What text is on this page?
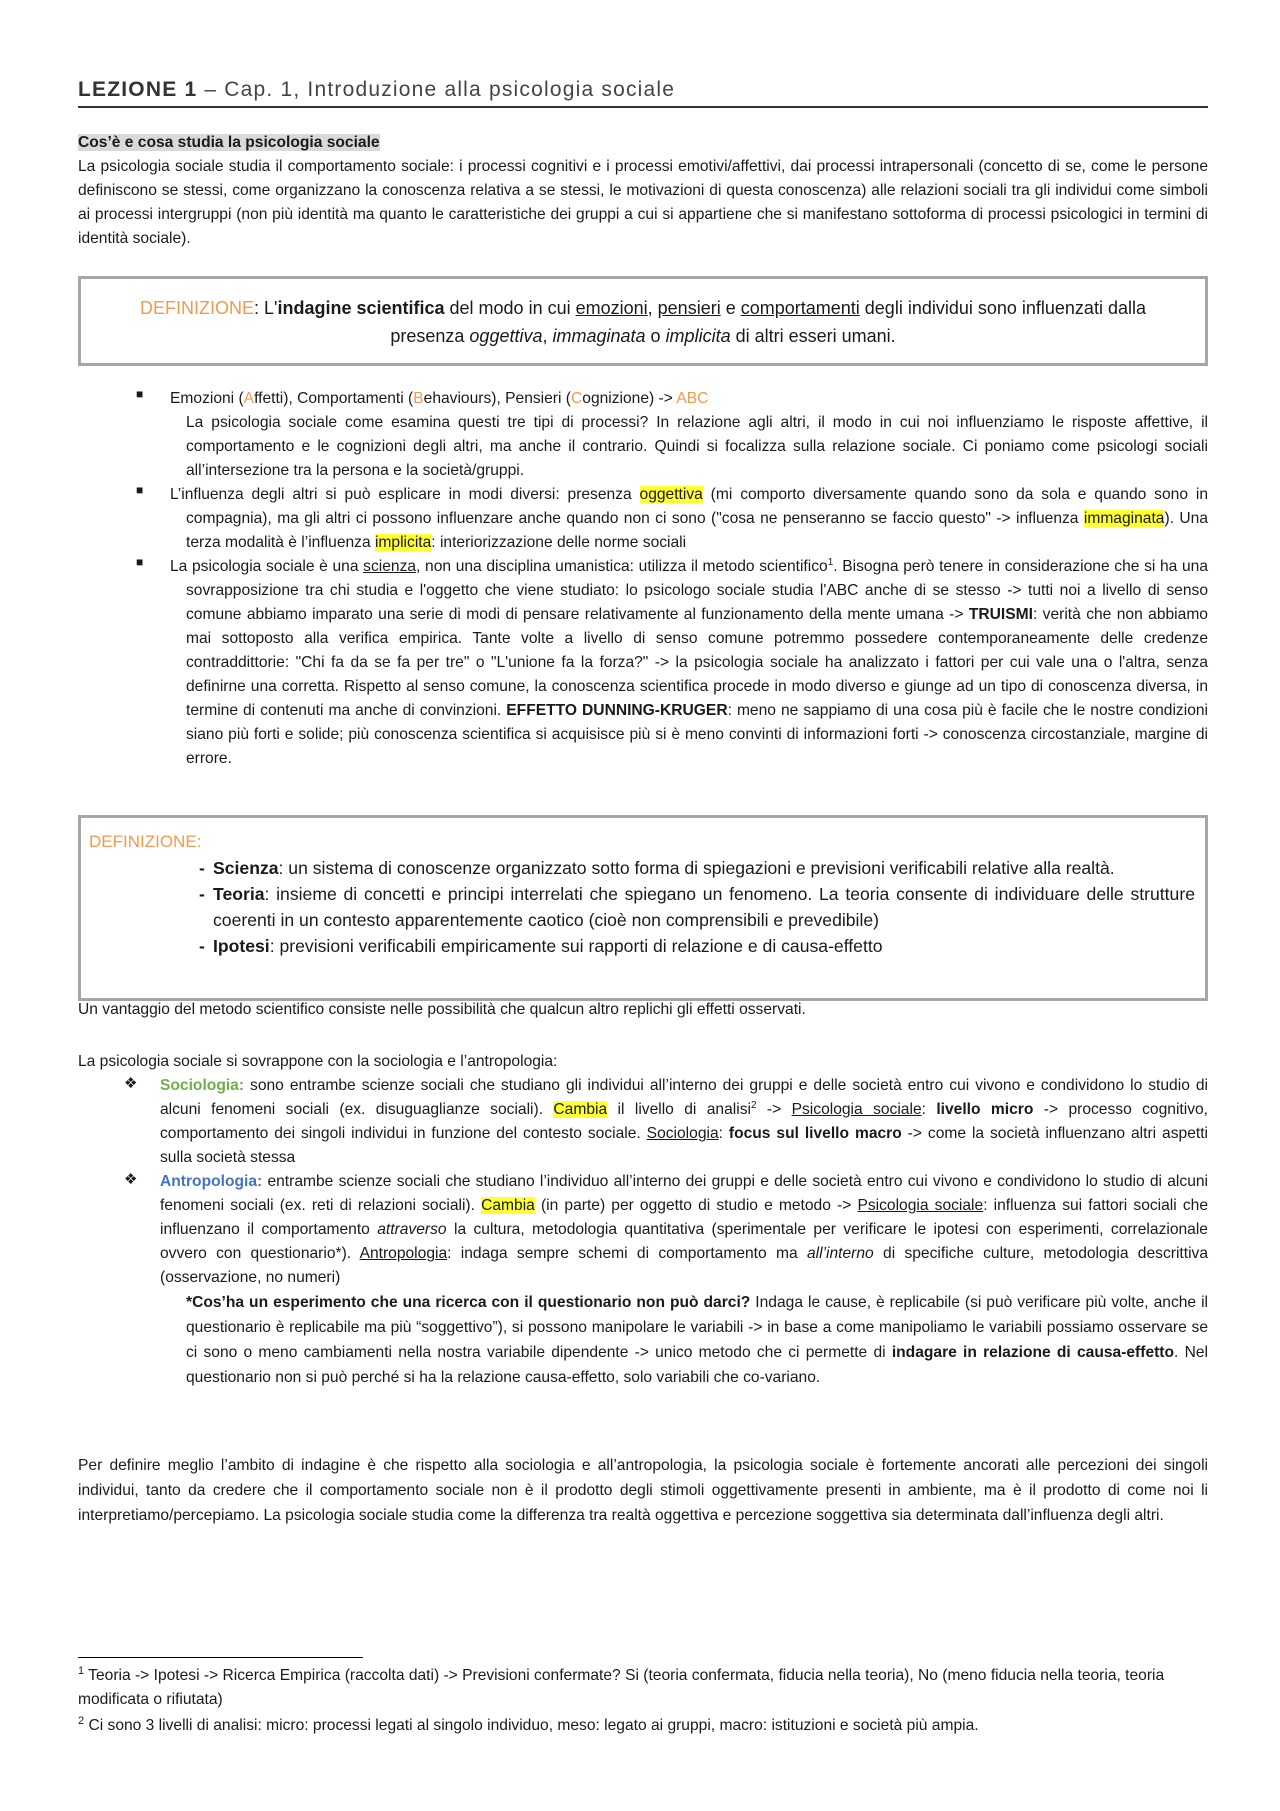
LEZIONE 1 – Cap. 1, Introduzione alla psicologia sociale

Cos’è e cosa studia la psicologia sociale

La psicologia sociale studia il comportamento sociale: i processi cognitivi e i processi emotivi/affettivi, dai processi intrapersonali (concetto di se, come le persone definiscono se stessi, come organizzano la conoscenza relativa a se stessi, le motivazioni di questa conoscenza) alle relazioni sociali tra gli individui come simboli ai processi intergruppi (non più identità ma quanto le caratteristiche dei gruppi a cui si appartiene che si manifestano sottoforma di processi psicologici in termini di identità sociale).

DEFINIZIONE: L'indagine scientifica del modo in cui emozioni, pensieri e comportamenti degli individui sono influenzati dalla presenza oggettiva, immaginata o implicita di altri esseri umani.

■ Emozioni (Affetti), Comportamenti (Behaviours), Pensieri (Cognizione) -> ABC

La psicologia sociale come esamina questi tre tipi di processi? In relazione agli altri, il modo in cui noi influenziamo le risposte affettive, il comportamento e le cognizioni degli altri, ma anche il contrario. Quindi si focalizza sulla relazione sociale. Ci poniamo come psicologi sociali all’intersezione tra la persona e la società/gruppi.

■ L’influenza degli altri si può esplicare in modi diversi: presenza oggettiva (mi comporto diversamente quando sono da sola e quando sono in compagnia), ma gli altri ci possono influenzare anche quando non ci sono ("cosa ne penseranno se faccio questo" -> influenza immaginata). Una terza modalità è l’influenza implicita: interiorizzazione delle norme sociali

■ La psicologia sociale è una scienza, non una disciplina umanistica: utilizza il metodo scientifico$^1$. Bisogna però tenere in considerazione che si ha una sovrapposizione tra chi studia e l'oggetto che viene studiato: lo psicologo sociale studia l'ABC anche di se stesso -> tutti noi a livello di senso comune abbiamo imparato una serie di modi di pensare relativamente al funzionamento della mente umana -> TRUISMI: verità che non abbiamo mai sottoposto alla verifica empirica. Tante volte a livello di senso comune potremmo possedere contemporaneamente delle credenze contraddittorie: "Chi fa da se fa per tre" o "L'unione fa la forza?" -> la psicologia sociale ha analizzato i fattori per cui vale una o l'altra, senza definirne una corretta. Rispetto al senso comune, la conoscenza scientifica procede in modo diverso e giunge ad un tipo di conoscenza diversa, in termine di contenuti ma anche di convinzioni. EFFETTO DUNNING-KRUGER: meno ne sappiamo di una cosa più è facile che le nostre condizioni siano più forti e solide; più conoscenza scientifica si acquisisce più si è meno convinti di informazioni forti -> conoscenza circostanziale, margine di errore.

DEFINIZIONE:
- Scienza: un sistema di conoscenze organizzato sotto forma di spiegazioni e previsioni verificabili relative alla realtà.
- Teoria: insieme di concetti e principi interrelati che spiegano un fenomeno. La teoria consente di individuare delle strutture coerenti in un contesto apparentemente caotico (cioè non comprensibili e prevedibile)
- Ipotesi: previsioni verificabili empiricamente sui rapporti di relazione e di causa-effetto

Un vantaggio del metodo scientifico consiste nelle possibilità che qualcun altro replichi gli effetti osservati.

La psicologia sociale si sovrappone con la sociologia e l’antropologia:

❖ Sociologia: sono entrambe scienze sociali che studiano gli individui all’interno dei gruppi e delle società entro cui vivono e condividono lo studio di alcuni fenomeni sociali (ex. disuguaglianze sociali). Cambia il livello di analisi$^2$ -> Psicologia sociale: livello micro -> processo cognitivo, comportamento dei singoli individui in funzione del contesto sociale. Sociologia: focus sul livello macro -> come la società influenzano altri aspetti sulla società stessa

❖ Antropologia: entrambe scienze sociali che studiano l’individuo all’interno dei gruppi e delle società entro cui vivono e condividono lo studio di alcuni fenomeni sociali (ex. reti di relazioni sociali). Cambia (in parte) per oggetto di studio e metodo -> Psicologia sociale: influenza sui fattori sociali che influenzano il comportamento attraverso la cultura, metodologia quantitativa (sperimentale per verificare le ipotesi con esperimenti, correlazionale ovvero con questionario*). Antropologia: indaga sempre schemi di comportamento ma all’interno di specifiche culture, metodologia descrittiva (osservazione, no numeri)

*Cos’ha un esperimento che una ricerca con il questionario non può darci? Indaga le cause, è replicabile (si può verificare più volte, anche il questionario è replicabile ma più “soggettivo”), si possono manipolare le variabili -> in base a come manipoliamo le variabili possiamo osservare se ci sono o meno cambiamenti nella nostra variabile dipendente -> unico metodo che ci permette di indagare in relazione di causa-effetto. Nel questionario non si può perché si ha la relazione causa-effetto, solo variabili che co-variano.

Per definire meglio l’ambito di indagine è che rispetto alla sociologia e all’antropologia, la psicologia sociale è fortemente ancorati alle percezioni dei singoli individui, tanto da credere che il comportamento sociale non è il prodotto degli stimoli oggettivamente presenti in ambiente, ma è il prodotto di come noi li interpretiamo/percepiamo. La psicologia sociale studia come la differenza tra realtà oggettiva e percezione soggettiva sia determinata dall’influenza degli altri.

$^1$ Teoria -> Ipotesi -> Ricerca Empirica (raccolta dati) -> Previsioni confermate? Si (teoria confermata, fiducia nella teoria), No (meno fiducia nella teoria, teoria modificata o rifiutata)
$^2$ Ci sono 3 livelli di analisi: micro: processi legati al singolo individuo, meso: legato ai gruppi, macro: istituzioni e società più ampia.
